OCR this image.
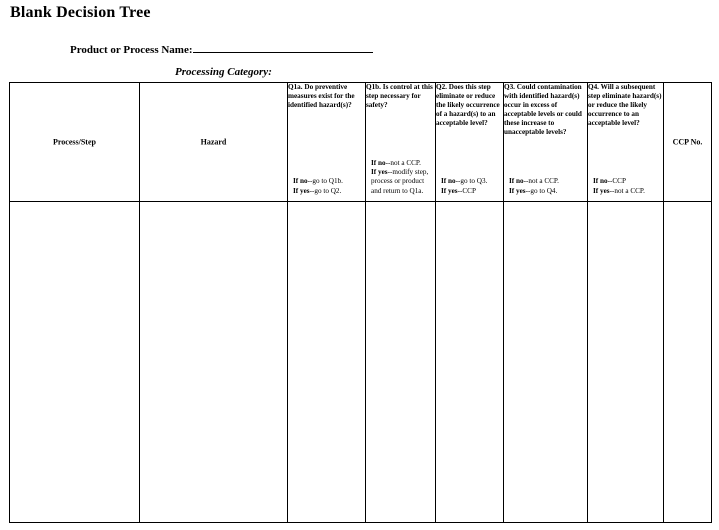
Blank Decision Tree
Product or Process Name:
Processing Category:
Process/Step	Hazard	Q1a. Do preventive measures exist for the identified hazard(s)?
If no--go to Q1b.
If yes--go to Q2.	Q1b. Is control at this step necessary for safety?
If no--not a CCP.
If yes--modify step, process or product and return to Q1a.	Q2. Does this step eliminate or reduce the likely occurrence of a hazard(s) to an acceptable level?
If no--go to Q3.
If yes--CCP	Q3. Could contamination with identified hazard(s) occur in excess of acceptable levels or could these increase to unacceptable levels?
If no--not a CCP.
If yes--go to Q4.	Q4. Will a subsequent step eliminate hazard(s) or reduce the likely occurrence to an acceptable level?
If no--CCP
If yes--not a CCP.	CCP No.
